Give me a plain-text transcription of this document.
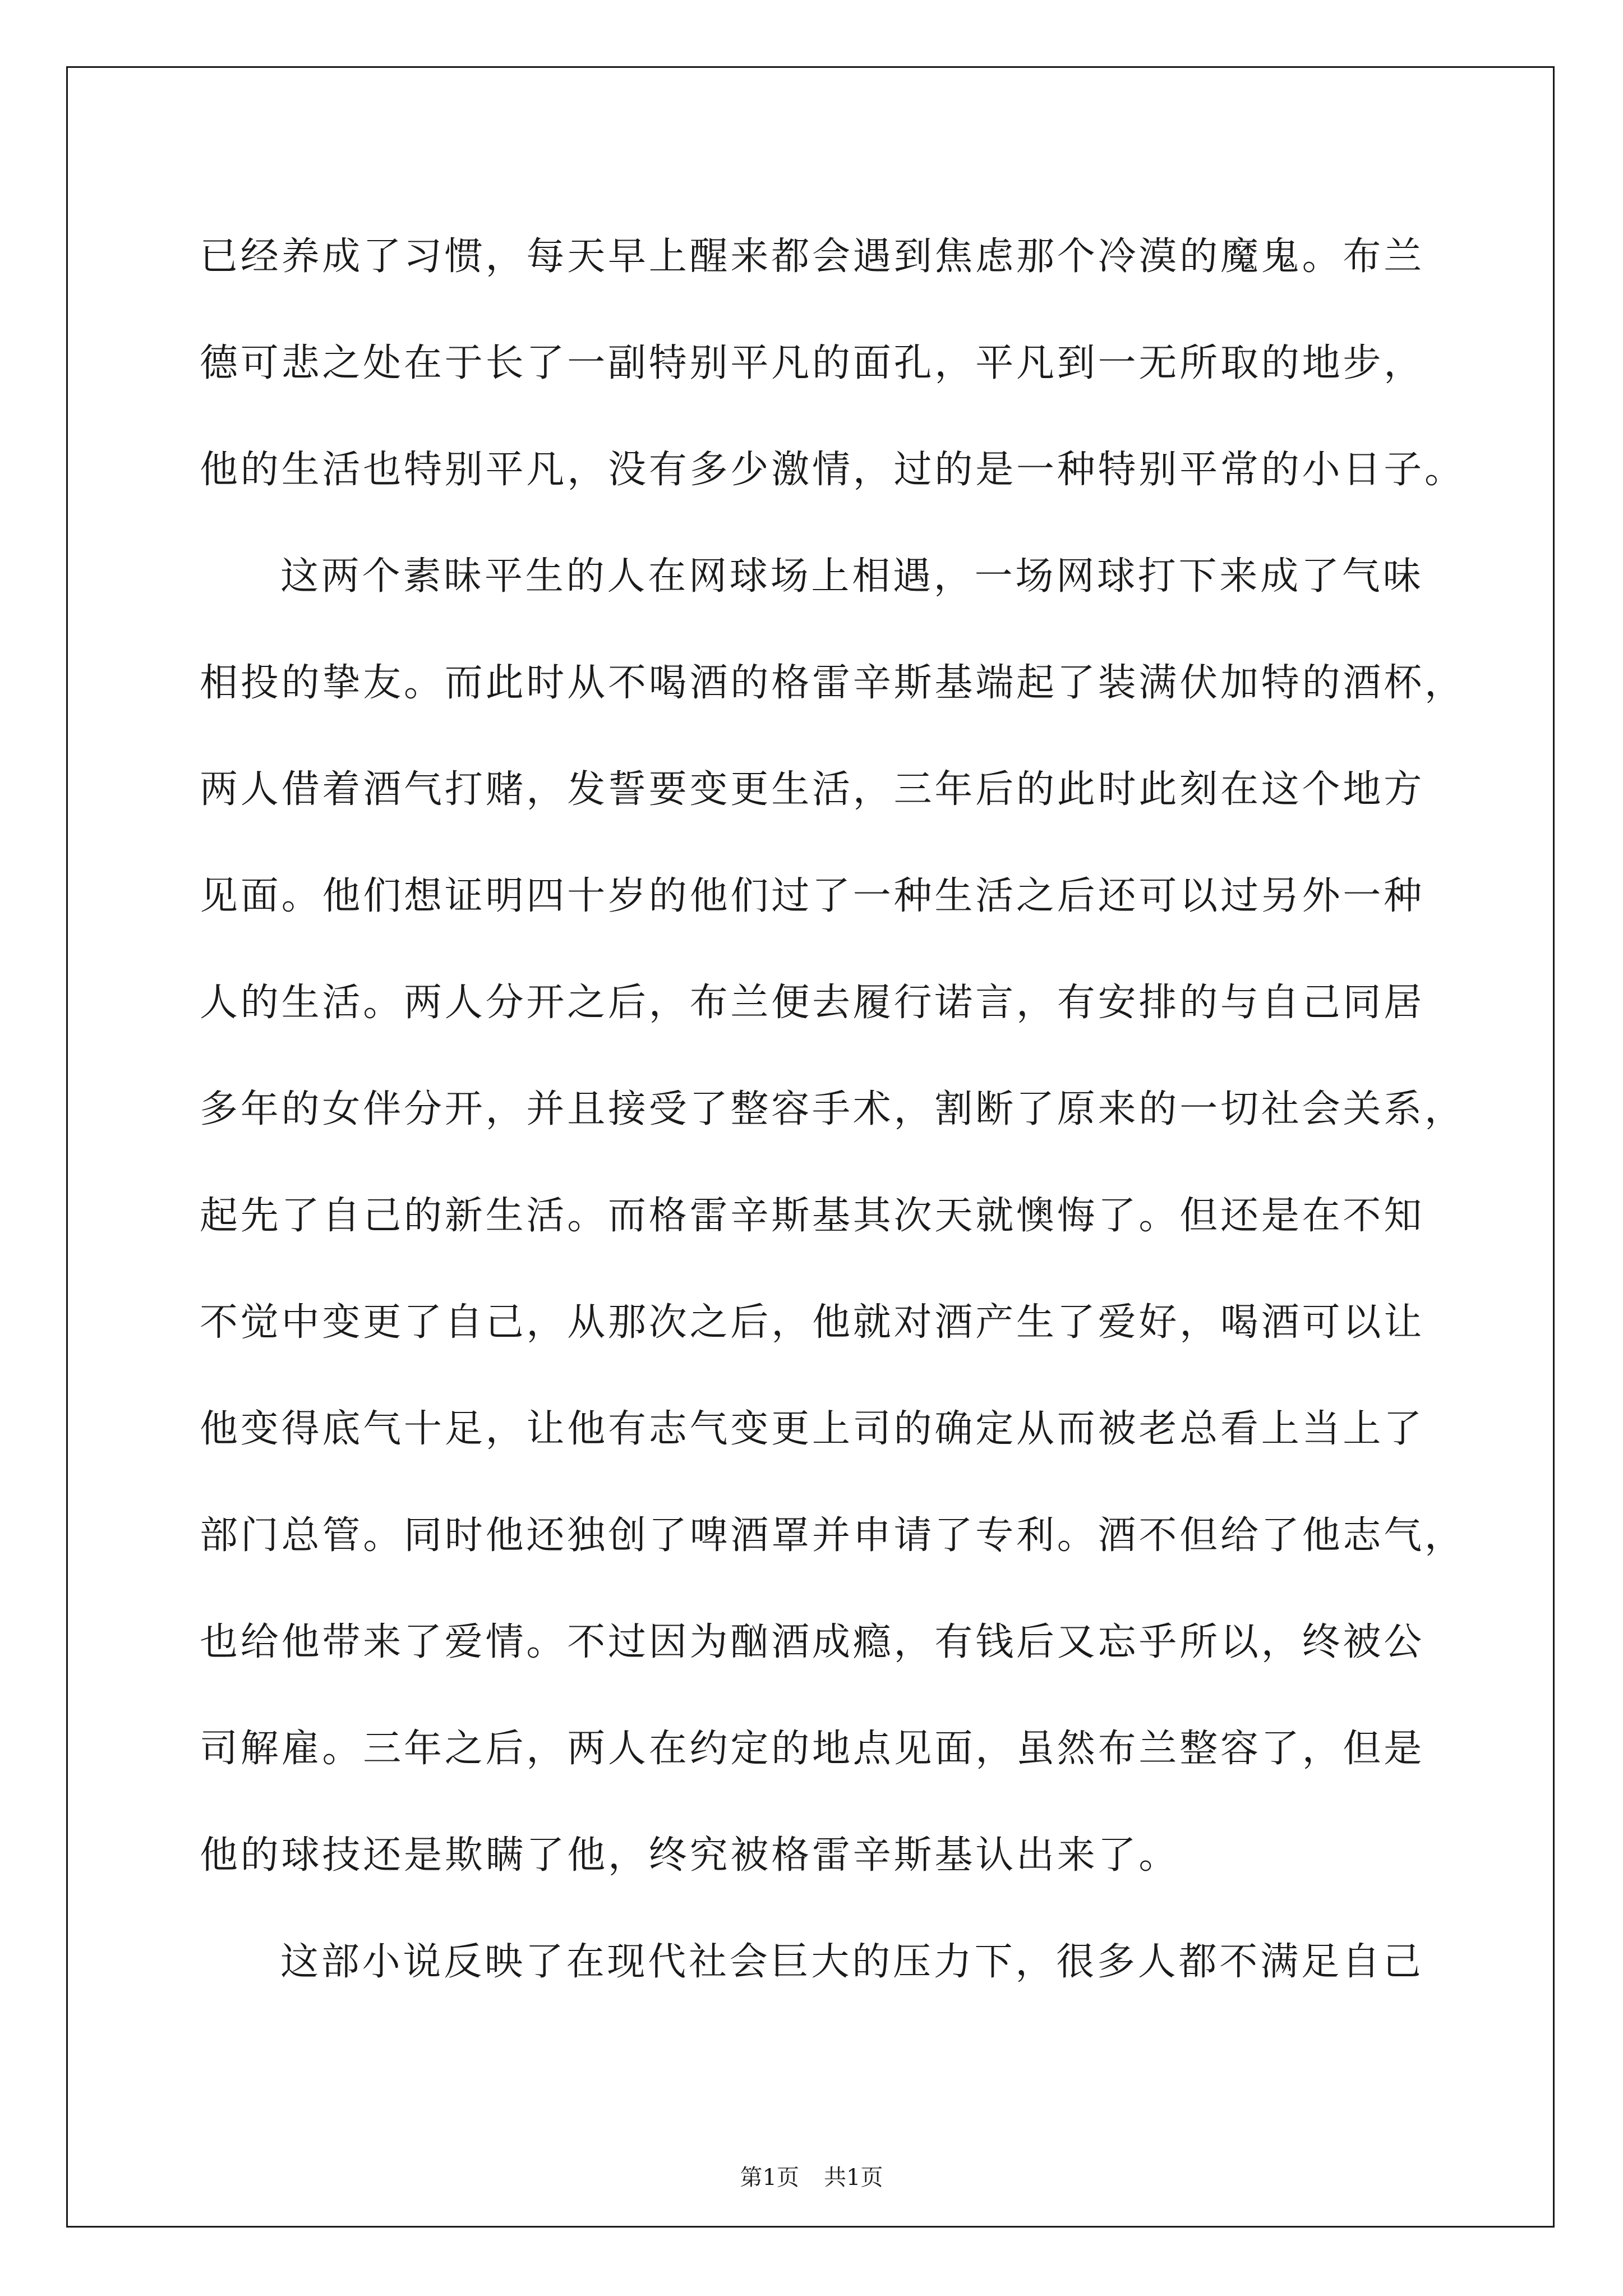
已经养成了习惯，每天早上醒来都会遇到焦虑那个冷漠的魔鬼。布兰
德可悲之处在于长了一副特别平凡的面孔，平凡到一无所取的地步，
他的生活也特别平凡，没有多少激情，过的是一种特别平常的小日子。
这两个素昧平生的人在网球场上相遇，一场网球打下来成了气味
相投的挚友。而此时从不喝酒的格雷辛斯基端起了装满伏加特的酒杯，
两人借着酒气打赌，发誓要变更生活，三年后的此时此刻在这个地方
见面。他们想证明四十岁的他们过了一种生活之后还可以过另外一种
人的生活。两人分开之后，布兰便去履行诺言，有安排的与自己同居
多年的女伴分开，并且接受了整容手术，割断了原来的一切社会关系，
起先了自己的新生活。而格雷辛斯基其次天就懊悔了。但还是在不知
不觉中变更了自己，从那次之后，他就对酒产生了爱好，喝酒可以让
他变得底气十足，让他有志气变更上司的确定从而被老总看上当上了
部门总管。同时他还独创了啤酒罩并申请了专利。酒不但给了他志气，
也给他带来了爱情。不过因为酗酒成瘾，有钱后又忘乎所以，终被公
司解雇。三年之后，两人在约定的地点见面，虽然布兰整容了，但是
他的球技还是欺瞒了他，终究被格雷辛斯基认出来了。
这部小说反映了在现代社会巨大的压力下，很多人都不满足自己
第1页 共1页
